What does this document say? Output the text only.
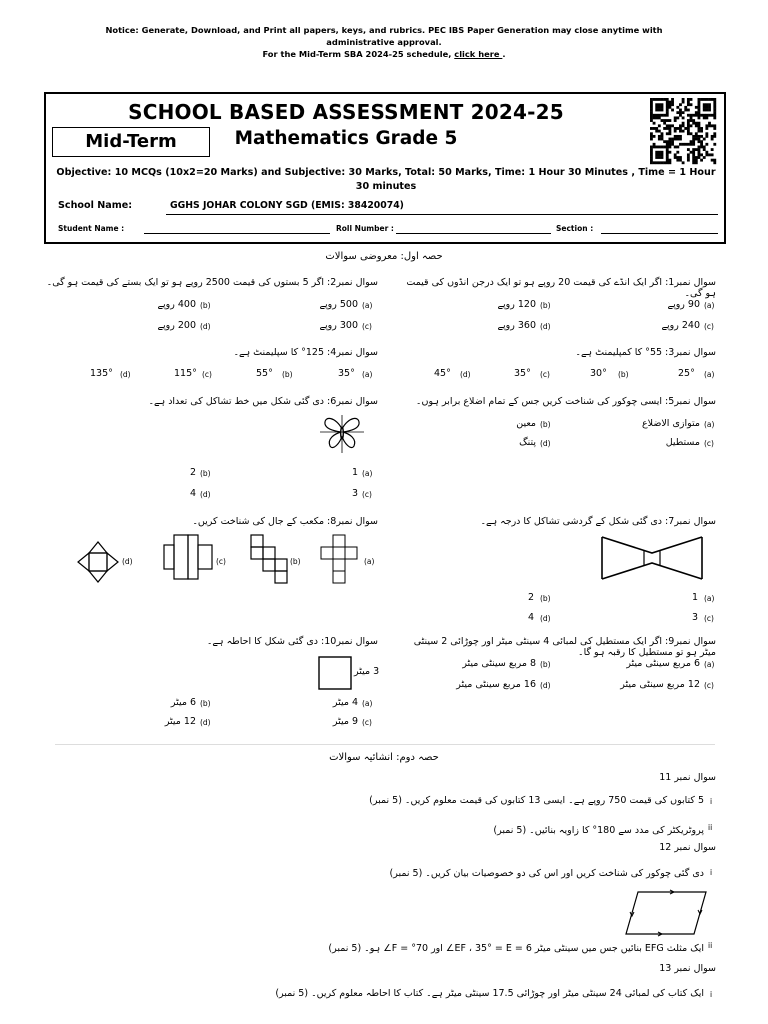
Notice: Generate, Download, and Print all papers, keys, and rubrics. PEC IBS Paper Generation may close anytime with
administrative approval.
For the Mid-Term SBA 2024-25 schedule, click here .
SCHOOL BASED ASSESSMENT 2024-25
Mathematics Grade 5
Mid-Term
Objective: 10 MCQs (10x2=20 Marks) and Subjective: 30 Marks, Total: 50 Marks, Time: 1 Hour 30 Minutes , Time = 1 Hour 30 minutes
School Name:	GGHS JOHAR COLONY SGD (EMIS: 38420074)
Student Name :	Roll Number :	Section :
حصہ اول: معروضی سوالات
سوال نمبر1: اگر ایک انڈے کی قیمت 20 روپے ہو تو ایک درجن انڈوں کی قیمت ہو گی۔
(a)
90 روپے
(b)
120 روپے
(c)
240 روپے
(d)
360 روپے
سوال نمبر2: اگر 5 بستوں کی قیمت 2500 روپے ہو تو ایک بستے کی قیمت ہو گی۔
(a)
500 روپے
(b)
400 روپے
(c)
300 روپے
(d)
200 روپے
سوال نمبر3: 55° کا کمپلیمنٹ ہے۔
(a)
25°
(b)
30°
(c)
35°
(d)
45°
سوال نمبر4: 125° کا سپلیمنٹ ہے۔
(a)
35°
(b)
55°
(c)
115°
(d)
135°
سوال نمبر5: ایسی چوکور کی شناخت کریں جس کے تمام اضلاع برابر ہوں۔
(a)
متوازی الاضلاع
(b)
معین
(c)
مستطیل
(d)
پتنگ
سوال نمبر6: دی گئی شکل میں خط تشاکل کی تعداد ہے۔
(a)
1
(b)
2
(c)
3
(d)
4
سوال نمبر7: دی گئی شکل کے گردشی تشاکل کا درجہ ہے۔
(a)
1
(b)
2
(c)
3
(d)
4
سوال نمبر8: مکعب کے جال کی شناخت کریں۔
(a)
(b)
(c)
(d)
سوال نمبر9: اگر ایک مستطیل کی لمبائی 4 سینٹی میٹر اور چوڑائی 2 سینٹی میٹر ہو تو مستطیل کا رقبہ ہو گا۔
(a)
6 مربع سینٹی میٹر
(b)
8 مربع سینٹی میٹر
(c)
12 مربع سینٹی میٹر
(d)
16 مربع سینٹی میٹر
سوال نمبر10: دی گئی شکل کا احاطہ ہے۔
3 میٹر
(a)
4 میٹر
(b)
6 میٹر
(c)
9 میٹر
(d)
12 میٹر
حصہ دوم: انشائیہ سوالات
سوال نمبر 11
5 کتابوں کی قیمت 750 روپے ہے۔ ایسی 13 کتابوں کی قیمت معلوم کریں۔ (5 نمبر) i
پروٹریکٹر کی مدد سے 180° کا زاویہ بنائیں۔ (5 نمبر) ii
سوال نمبر 12
دی گئی چوکور کی شناخت کریں اور اس کی دو خصوصیات بیان کریں۔ (5 نمبر) i
ایک مثلث EFG بنائیں جس میں سینٹی میٹر 6 = EF ، 35° = E∠ اور 70° = F∠ ہو۔ (5 نمبر) ii
سوال نمبر 13
ایک کتاب کی لمبائی 24 سینٹی میٹر اور چوڑائی 17.5 سینٹی میٹر ہے۔ کتاب کا احاطہ معلوم کریں۔ (5 نمبر) i
